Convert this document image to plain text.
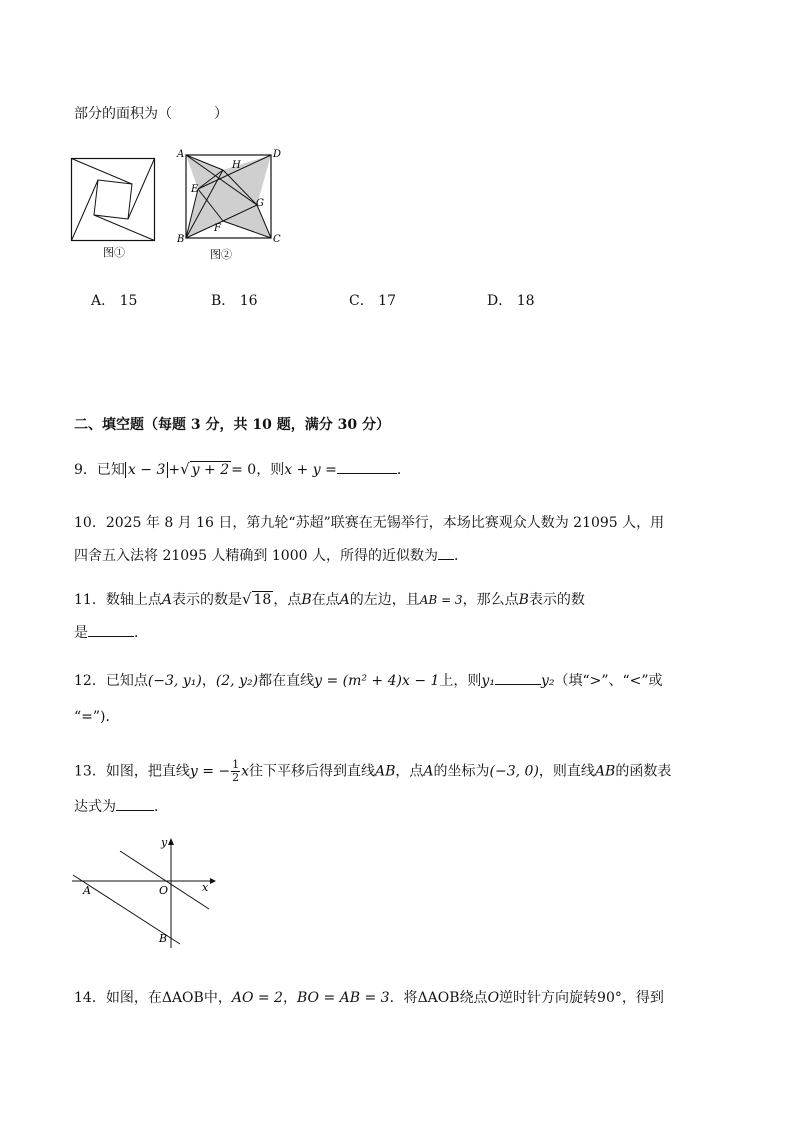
部分的面积为（　　　）
图①
A
B	C
D
E
F
G
H
图②
A． 15	B． 16	C． 17	D． 18
二、填空题（每题 3 分，共 10 题，满分 30 分）
9．已知 x − 3 +√ y + 2 = 0，则x + y =	．
10．2025 年 8 月 16 日，第九轮“苏超”联赛在无锡举行，本场比赛观众人数为 21095 人，用
四舍五入法将 21095 人精确到 1000 人，所得的近似数为 ．
11．数轴上点A表示的数是√ 18 ，点B在点A的左边，且AB = 3，那么点B表示的数
是	．
12．已知点(−3, y₁)，(2, y₂)都在直线y = (m² + 4)x − 1上，则y₁	y₂（填“>”、“<”或
“=”)．
13．如图，把直线y = − $\frac{1}{2}$ x往下平移后得到直线AB，点A的坐标为(−3, 0)，则直线AB的函数表
达式为	．
y
x
O
A
B
14．如图，在ΔAOB中，AO = 2，BO = AB = 3．将ΔAOB绕点O逆时针方向旋转90°，得到
